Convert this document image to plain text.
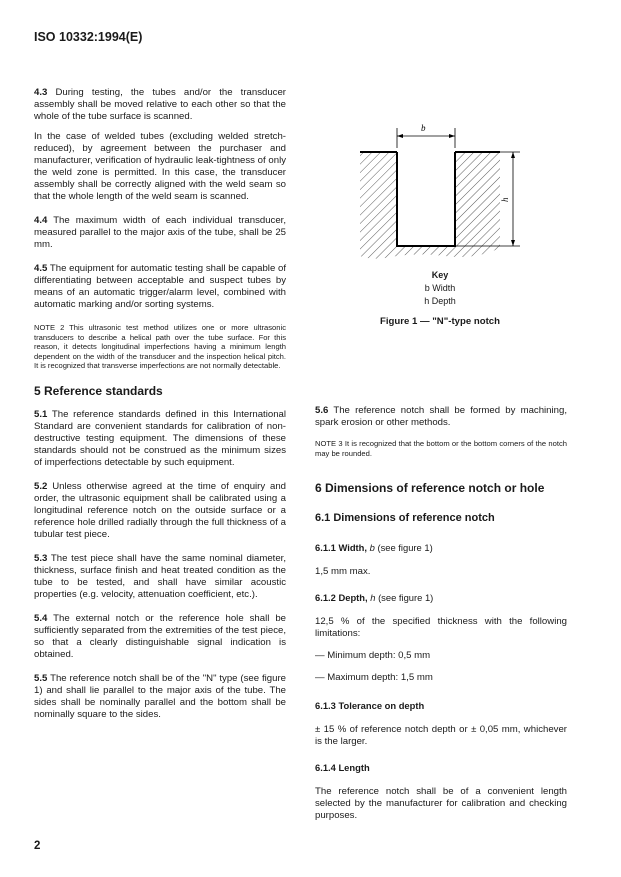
ISO 10332:1994(E)

4.3 During testing, the tubes and/or the transducer assembly shall be moved relative to each other so that the whole of the tube surface is scanned.

In the case of welded tubes (excluding welded stretch-reduced), by agreement between the purchaser and manufacturer, verification of hydraulic leak-tightness of only the weld zone is permitted. In this case, the transducer assembly shall be correctly aligned with the weld seam so that the whole length of the weld seam is scanned.

4.4 The maximum width of each individual transducer, measured parallel to the major axis of the tube, shall be 25 mm.

4.5 The equipment for automatic testing shall be capable of differentiating between acceptable and suspect tubes by means of an automatic trigger/alarm level, combined with automatic marking and/or sorting systems.

NOTE 2 This ultrasonic test method utilizes one or more ultrasonic transducers to describe a helical path over the tube surface. For this reason, it detects longitudinal imperfections having a minimum length dependent on the width of the transducer and the inspection helical pitch. It is recognized that transverse imperfections are not normally detectable.

5 Reference standards

5.1 The reference standards defined in this International Standard are convenient standards for calibration of non-destructive testing equipment. The dimensions of these standards should not be construed as the minimum sizes of imperfections detectable by such equipment.

5.2 Unless otherwise agreed at the time of enquiry and order, the ultrasonic equipment shall be calibrated using a longitudinal reference notch on the outside surface or a reference hole drilled radially through the full thickness of a tubular test piece.

5.3 The test piece shall have the same nominal diameter, thickness, surface finish and heat treated condition as the tube to be tested, and shall have similar acoustic properties (e.g. velocity, attenuation coefficient, etc.).

5.4 The external notch or the reference hole shall be sufficiently separated from the extremities of the test piece, so that a clearly distinguishable signal indication is obtained.

5.5 The reference notch shall be of the "N" type (see figure 1) and shall lie parallel to the major axis of the tube. The sides shall be nominally parallel and the bottom shall be nominally square to the sides.

b
h
Key
b Width
h Depth
Figure 1 — "N"-type notch

5.6 The reference notch shall be formed by machining, spark erosion or other methods.

NOTE 3 It is recognized that the bottom or the bottom corners of the notch may be rounded.

6 Dimensions of reference notch or hole
6.1 Dimensions of reference notch
6.1.1 Width, b (see figure 1)

1,5 mm max.

6.1.2 Depth, h (see figure 1)

12,5 % of the specified thickness with the following limitations:

— Minimum depth: 0,5 mm

— Maximum depth: 1,5 mm

6.1.3 Tolerance on depth

± 15 % of reference notch depth or ± 0,05 mm, whichever is the larger.

6.1.4 Length

The reference notch shall be of a convenient length selected by the manufacturer for calibration and checking purposes.

2
